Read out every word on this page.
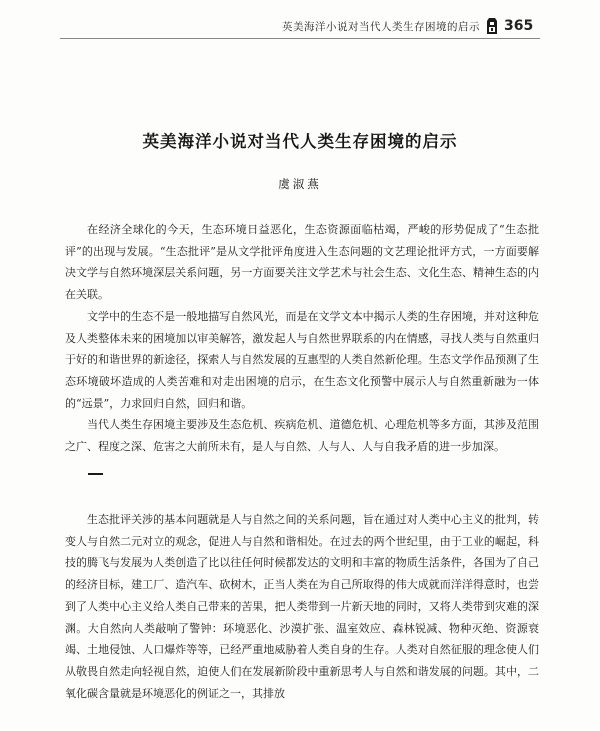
英美海洋小说对当代人类生存困境的启示 365
英美海洋小说对当代人类生存困境的启示
虞淑燕

在经济全球化的今天，生态环境日益恶化，生态资源面临枯竭，严峻的形势促成了“生态批评”的出现与发展。“生态批评”是从文学批评角度进入生态问题的文艺理论批评方式，一方面要解决文学与自然环境深层关系问题，另一方面要关注文学艺术与社会生态、文化生态、精神生态的内在关联。

文学中的生态不是一般地描写自然风光，而是在文学文本中揭示人类的生存困境，并对这种危及人类整体未来的困境加以审美解答，激发起人与自然世界联系的内在情感，寻找人类与自然重归于好的和谐世界的新途径，探索人与自然发展的互惠型的人类自然新伦理。生态文学作品预测了生态环境破坏造成的人类苦难和对走出困境的启示，在生态文化预警中展示人与自然重新融为一体的“远景”，力求回归自然，回归和谐。

当代人类生存困境主要涉及生态危机、疾病危机、道德危机、心理危机等多方面，其涉及范围之广、程度之深、危害之大前所未有，是人与自然、人与人、人与自我矛盾的进一步加深。

生态批评关涉的基本问题就是人与自然之间的关系问题，旨在通过对人类中心主义的批判，转变人与自然二元对立的观念，促进人与自然和谐相处。在过去的两个世纪里，由于工业的崛起，科技的腾飞与发展为人类创造了比以往任何时候都发达的文明和丰富的物质生活条件，各国为了自己的经济目标，建工厂、造汽车、砍树木，正当人类在为自己所取得的伟大成就而洋洋得意时，也尝到了人类中心主义给人类自己带来的苦果，把人类带到一片新天地的同时，又将人类带到灾难的深渊。大自然向人类敲响了警钟：环境恶化、沙漠扩张、温室效应、森林锐减、物种灭绝、资源衰竭、土地侵蚀、人口爆炸等等，已经严重地威胁着人类自身的生存。人类对自然征服的理念使人们从敬畏自然走向轻视自然，迫使人们在发展新阶段中重新思考人与自然和谐发展的问题。其中，二氧化碳含量就是环境恶化的例证之一，其排放
